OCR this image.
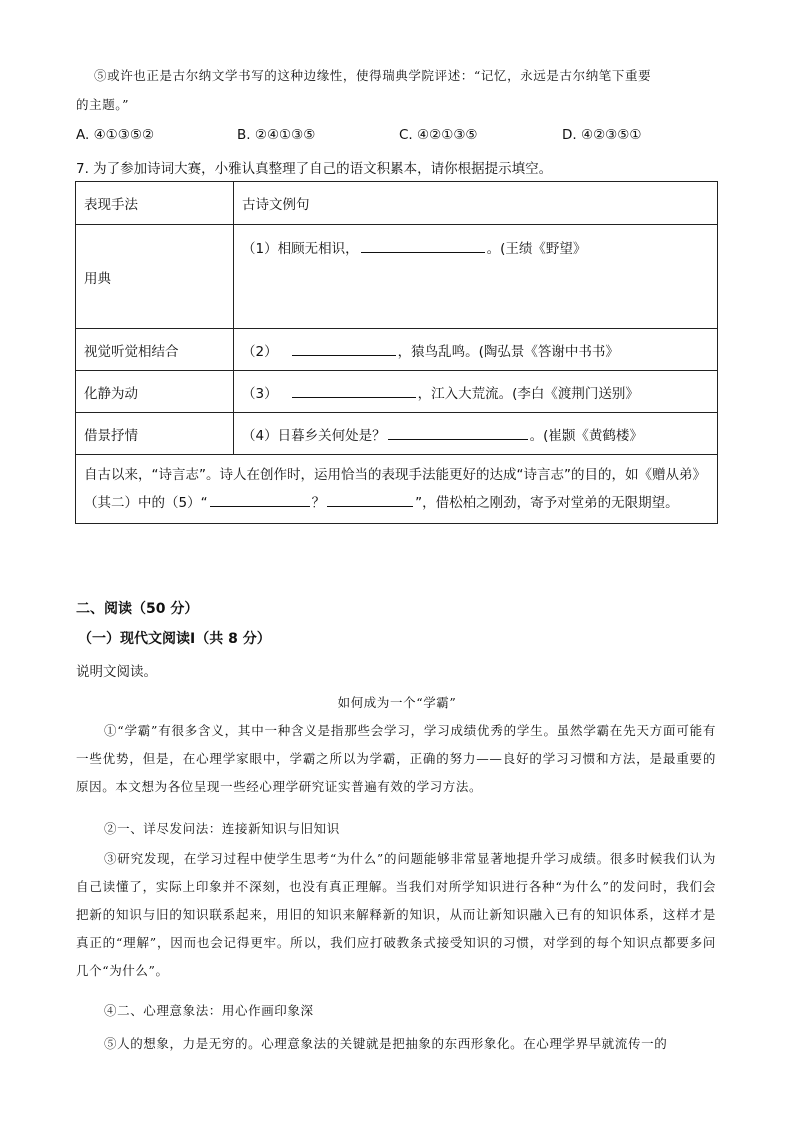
⑤或许也正是古尔纳文学书写的这种边缘性，使得瑞典学院评述：“记忆，永远是古尔纳笔下重要
的主题。”
A. ④①③⑤②	B. ②④①③⑤	C. ④②①③⑤	D. ④②③⑤①
7. 为了参加诗词大赛，小雅认真整理了自己的语文积累本，请你根据提示填空。
表现手法	古诗文例句
用典	（1）相顾无相识， 。(王绩《野望》
视觉听觉相结合	（2） ，猿鸟乱鸣。(陶弘景《答谢中书书》
化静为动	（3） ，江入大荒流。(李白《渡荆门送别》
借景抒情	（4）日暮乡关何处是？ 。(崔颢《黄鹤楼》
自古以来，“诗言志”。诗人在创作时，运用恰当的表现手法能更好的达成“诗言志”的目的，如《赠从弟》（其二）中的（5）“ ？ ”，借松柏之刚劲，寄予对堂弟的无限期望。	
二、阅读（50 分）
（一）现代文阅读Ⅰ（共 8 分）
说明文阅读。
如何成为一个“学霸”
①“学霸”有很多含义，其中一种含义是指那些会学习，学习成绩优秀的学生。虽然学霸在先天方面可能有一些优势，但是，在心理学家眼中，学霸之所以为学霸，正确的努力——良好的学习习惯和方法，是最重要的原因。本文想为各位呈现一些经心理学研究证实普遍有效的学习方法。
②一、详尽发问法：连接新知识与旧知识
③研究发现，在学习过程中使学生思考“为什么”的问题能够非常显著地提升学习成绩。很多时候我们认为自己读懂了，实际上印象并不深刻，也没有真正理解。当我们对所学知识进行各种“为什么”的发问时，我们会把新的知识与旧的知识联系起来，用旧的知识来解释新的知识，从而让新知识融入已有的知识体系，这样才是真正的“理解”，因而也会记得更牢。所以，我们应打破教条式接受知识的习惯，对学到的每个知识点都要多问几个“为什么”。
④二、心理意象法：用心作画印象深
⑤人的想象，力是无穷的。心理意象法的关键就是把抽象的东西形象化。在心理学界早就流传一的
